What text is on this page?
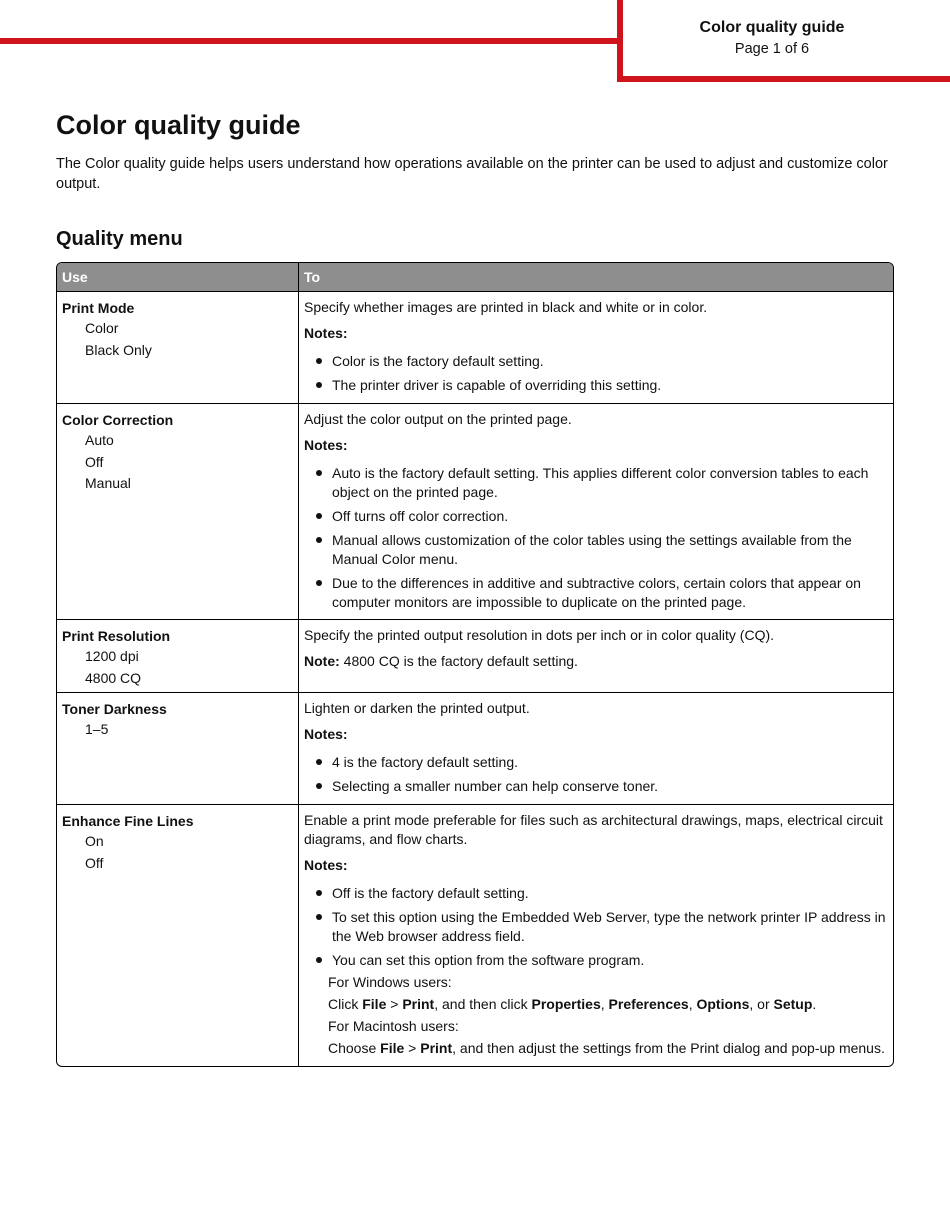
Color quality guide
Page 1 of 6
Color quality guide

The Color quality guide helps users understand how operations available on the printer can be used to adjust and customize color output.

Quality menu
Use	To
Print Mode
Color
Black Only

Specify whether images are printed in black and white or in color.

Notes:

Color is the factory default setting.
The printer driver is capable of overriding this setting.
Color Correction
Auto
Off
Manual

Adjust the color output on the printed page.

Notes:

Auto is the factory default setting. This applies different color conversion tables to each object on the printed page.
Off turns off color correction.
Manual allows customization of the color tables using the settings available from the Manual Color menu.
Due to the differences in additive and subtractive colors, certain colors that appear on computer monitors are impossible to duplicate on the printed page.
Print Resolution
1200 dpi
4800 CQ

Specify the printed output resolution in dots per inch or in color quality (CQ).

Note: 4800 CQ is the factory default setting.

Toner Darkness
1–5

Lighten or darken the printed output.

Notes:

4 is the factory default setting.
Selecting a smaller number can help conserve toner.
Enhance Fine Lines
On
Off

Enable a print mode preferable for files such as architectural drawings, maps, electrical circuit diagrams, and flow charts.

Notes:

Off is the factory default setting.
To set this option using the Embedded Web Server, type the network printer IP address in the Web browser address field.
You can set this option from the software program.
For Windows users:
Click File > Print, and then click Properties, Preferences, Options, or Setup.
For Macintosh users:
Choose File > Print, and then adjust the settings from the Print dialog and pop-up menus.
